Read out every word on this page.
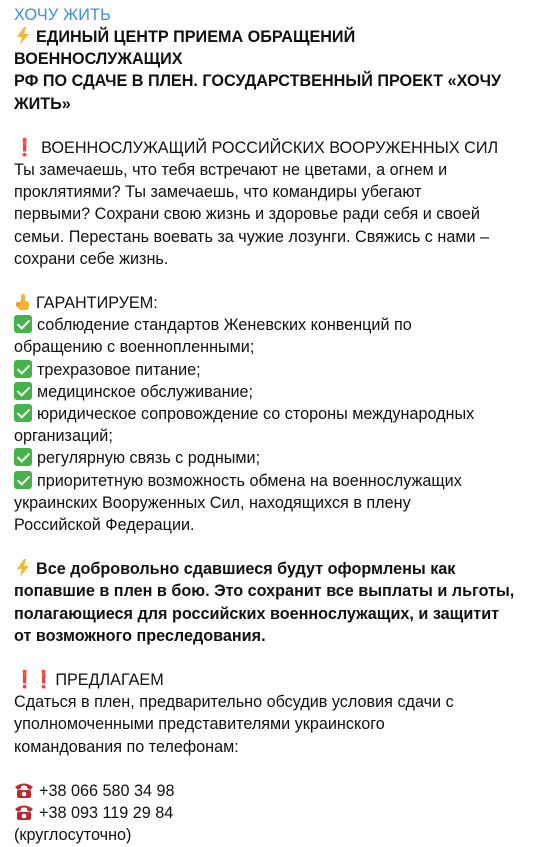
ХОЧУ ЖИТЬ
ЕДИНЫЙ ЦЕНТР ПРИЕМА ОБРАЩЕНИЙ ВОЕННОСЛУЖАЩИХ
РФ ПО СДАЧЕ В ПЛЕН. ГОСУДАРСТВЕННЫЙ ПРОЕКТ «ХОЧУ
ЖИТЬ»
❗ ВОЕННОСЛУЖАЩИЙ РОССИЙСКИХ ВООРУЖЕННЫХ СИЛ
Ты замечаешь, что тебя встречают не цветами, а огнем и
проклятиями? Ты замечаешь, что командиры убегают
первыми? Сохрани свою жизнь и здоровье ради себя и своей
семьи. Перестань воевать за чужие лозунги. Свяжись с нами –
сохрани себе жизнь.
ГАРАНТИРУЕМ:
соблюдение стандартов Женевских конвенций по
обращению с военнопленными;
трехразовое питание;
медицинское обслуживание;
юридическое сопровождение со стороны международных
организаций;
регулярную связь с родными;
приоритетную возможность обмена на военнослужащих
украинских Вооруженных Сил, находящихся в плену
Российской Федерации.
Все добровольно сдавшиеся будут оформлены как
попавшие в плен в бою. Это сохранит все выплаты и льготы,
полагающиеся для российских военнослужащих, и защитит
от возможного преследования.
❗❗ ПРЕДЛАГАЕМ
Сдаться в плен, предварительно обсудив условия сдачи с
уполномоченными представителями украинского
командования по телефонам:
+38 066 580 34 98
+38 093 119 29 84
(круглосуточно)
